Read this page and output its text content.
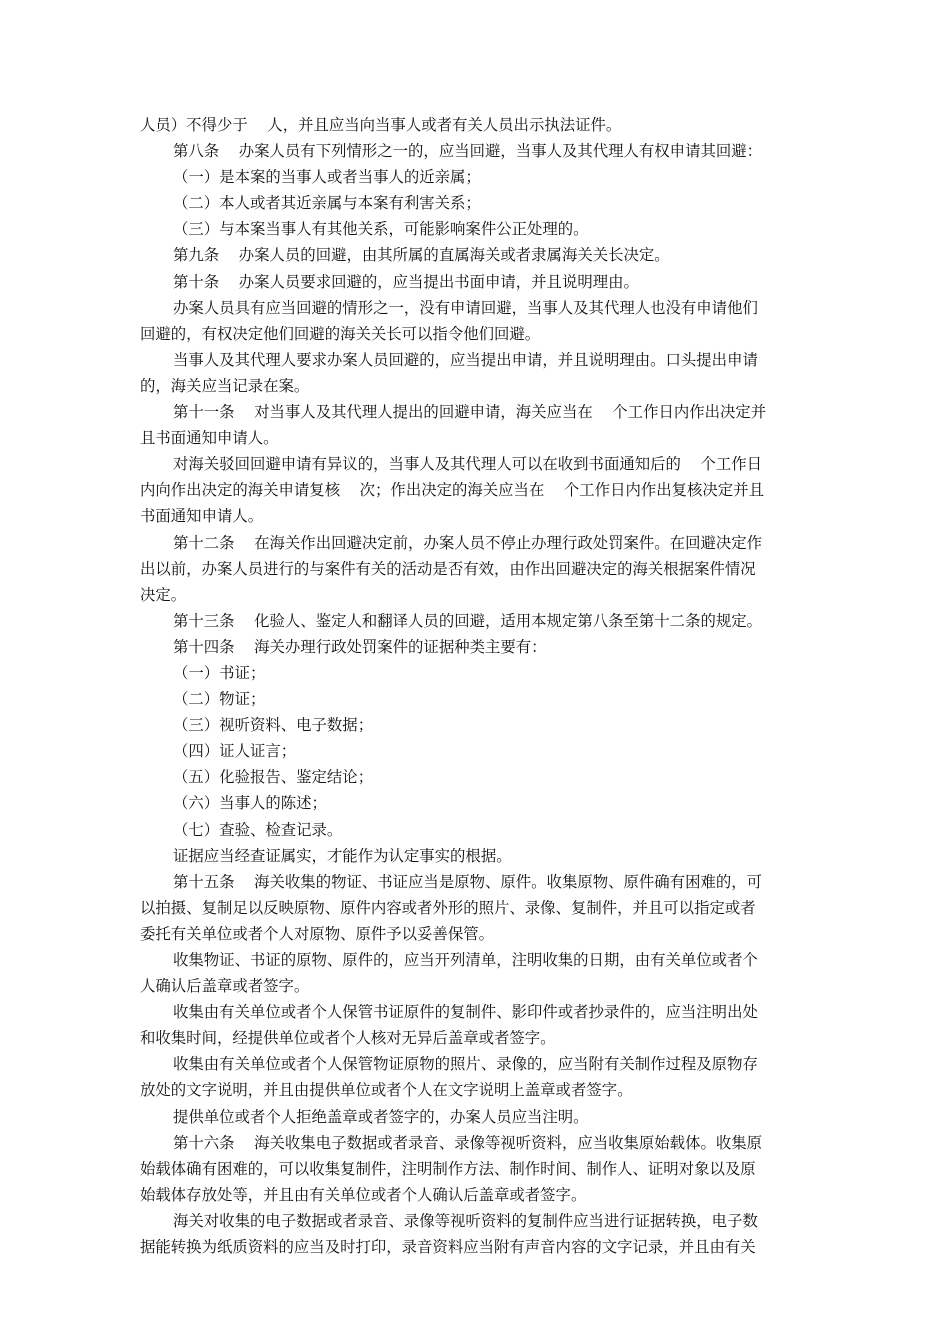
人员）不得少于    人，并且应当向当事人或者有关人员出示执法证件。
第八条    办案人员有下列情形之一的，应当回避，当事人及其代理人有权申请其回避：
（一）是本案的当事人或者当事人的近亲属；
（二）本人或者其近亲属与本案有利害关系；
（三）与本案当事人有其他关系，可能影响案件公正处理的。
第九条    办案人员的回避，由其所属的直属海关或者隶属海关关长决定。
第十条    办案人员要求回避的，应当提出书面申请，并且说明理由。
办案人员具有应当回避的情形之一，没有申请回避，当事人及其代理人也没有申请他们
回避的，有权决定他们回避的海关关长可以指令他们回避。
当事人及其代理人要求办案人员回避的，应当提出申请，并且说明理由。口头提出申请
的，海关应当记录在案。
第十一条    对当事人及其代理人提出的回避申请，海关应当在    个工作日内作出决定并
且书面通知申请人。
对海关驳回回避申请有异议的，当事人及其代理人可以在收到书面通知后的    个工作日
内向作出决定的海关申请复核    次；作出决定的海关应当在    个工作日内作出复核决定并且
书面通知申请人。
第十二条    在海关作出回避决定前，办案人员不停止办理行政处罚案件。在回避决定作
出以前，办案人员进行的与案件有关的活动是否有效，由作出回避决定的海关根据案件情况
决定。
第十三条    化验人、鉴定人和翻译人员的回避，适用本规定第八条至第十二条的规定。
第十四条    海关办理行政处罚案件的证据种类主要有：
（一）书证；
（二）物证；
（三）视听资料、电子数据；
（四）证人证言；
（五）化验报告、鉴定结论；
（六）当事人的陈述；
（七）查验、检查记录。
证据应当经查证属实，才能作为认定事实的根据。
第十五条    海关收集的物证、书证应当是原物、原件。收集原物、原件确有困难的，可
以拍摄、复制足以反映原物、原件内容或者外形的照片、录像、复制件，并且可以指定或者
委托有关单位或者个人对原物、原件予以妥善保管。
收集物证、书证的原物、原件的，应当开列清单，注明收集的日期，由有关单位或者个
人确认后盖章或者签字。
收集由有关单位或者个人保管书证原件的复制件、影印件或者抄录件的，应当注明出处
和收集时间，经提供单位或者个人核对无异后盖章或者签字。
收集由有关单位或者个人保管物证原物的照片、录像的，应当附有关制作过程及原物存
放处的文字说明，并且由提供单位或者个人在文字说明上盖章或者签字。
提供单位或者个人拒绝盖章或者签字的，办案人员应当注明。
第十六条    海关收集电子数据或者录音、录像等视听资料，应当收集原始载体。收集原
始载体确有困难的，可以收集复制件，注明制作方法、制作时间、制作人、证明对象以及原
始载体存放处等，并且由有关单位或者个人确认后盖章或者签字。
海关对收集的电子数据或者录音、录像等视听资料的复制件应当进行证据转换，电子数
据能转换为纸质资料的应当及时打印，录音资料应当附有声音内容的文字记录，并且由有关
